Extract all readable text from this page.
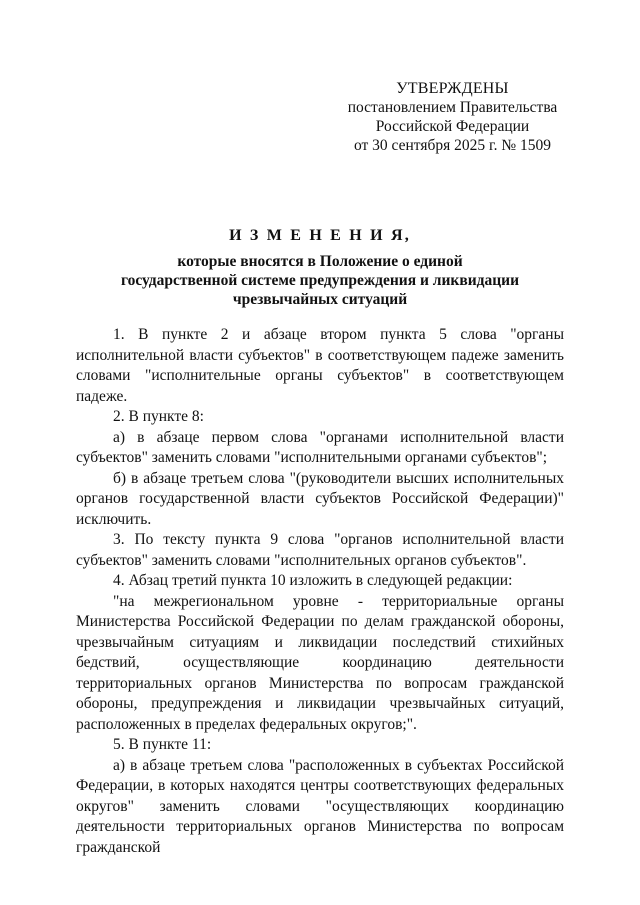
УТВЕРЖДЕНЫ
постановлением Правительства
Российской Федерации
от 30 сентября 2025 г. № 1509
И З М Е Н Е Н И Я,
которые вносятся в Положение о единой
государственной системе предупреждения и ликвидации
чрезвычайных ситуаций

1. В пункте 2 и абзаце втором пункта 5 слова "органы исполнительной власти субъектов" в соответствующем падеже заменить словами "исполнительные органы субъектов" в соответствующем падеже.

2. В пункте 8:

а) в абзаце первом слова "органами исполнительной власти субъектов" заменить словами "исполнительными органами субъектов";

б) в абзаце третьем слова "(руководители высших исполнительных органов государственной власти субъектов Российской Федерации)" исключить.

3. По тексту пункта 9 слова "органов исполнительной власти субъектов" заменить словами "исполнительных органов субъектов".

4. Абзац третий пункта 10 изложить в следующей редакции:

"на межрегиональном уровне - территориальные органы Министерства Российской Федерации по делам гражданской обороны, чрезвычайным ситуациям и ликвидации последствий стихийных бедствий, осуществляющие координацию деятельности территориальных органов Министерства по вопросам гражданской обороны, предупреждения и ликвидации чрезвычайных ситуаций, расположенных в пределах федеральных округов;".

5. В пункте 11:

а) в абзаце третьем слова "расположенных в субъектах Российской Федерации, в которых находятся центры соответствующих федеральных округов" заменить словами "осуществляющих координацию деятельности территориальных органов Министерства по вопросам гражданской
